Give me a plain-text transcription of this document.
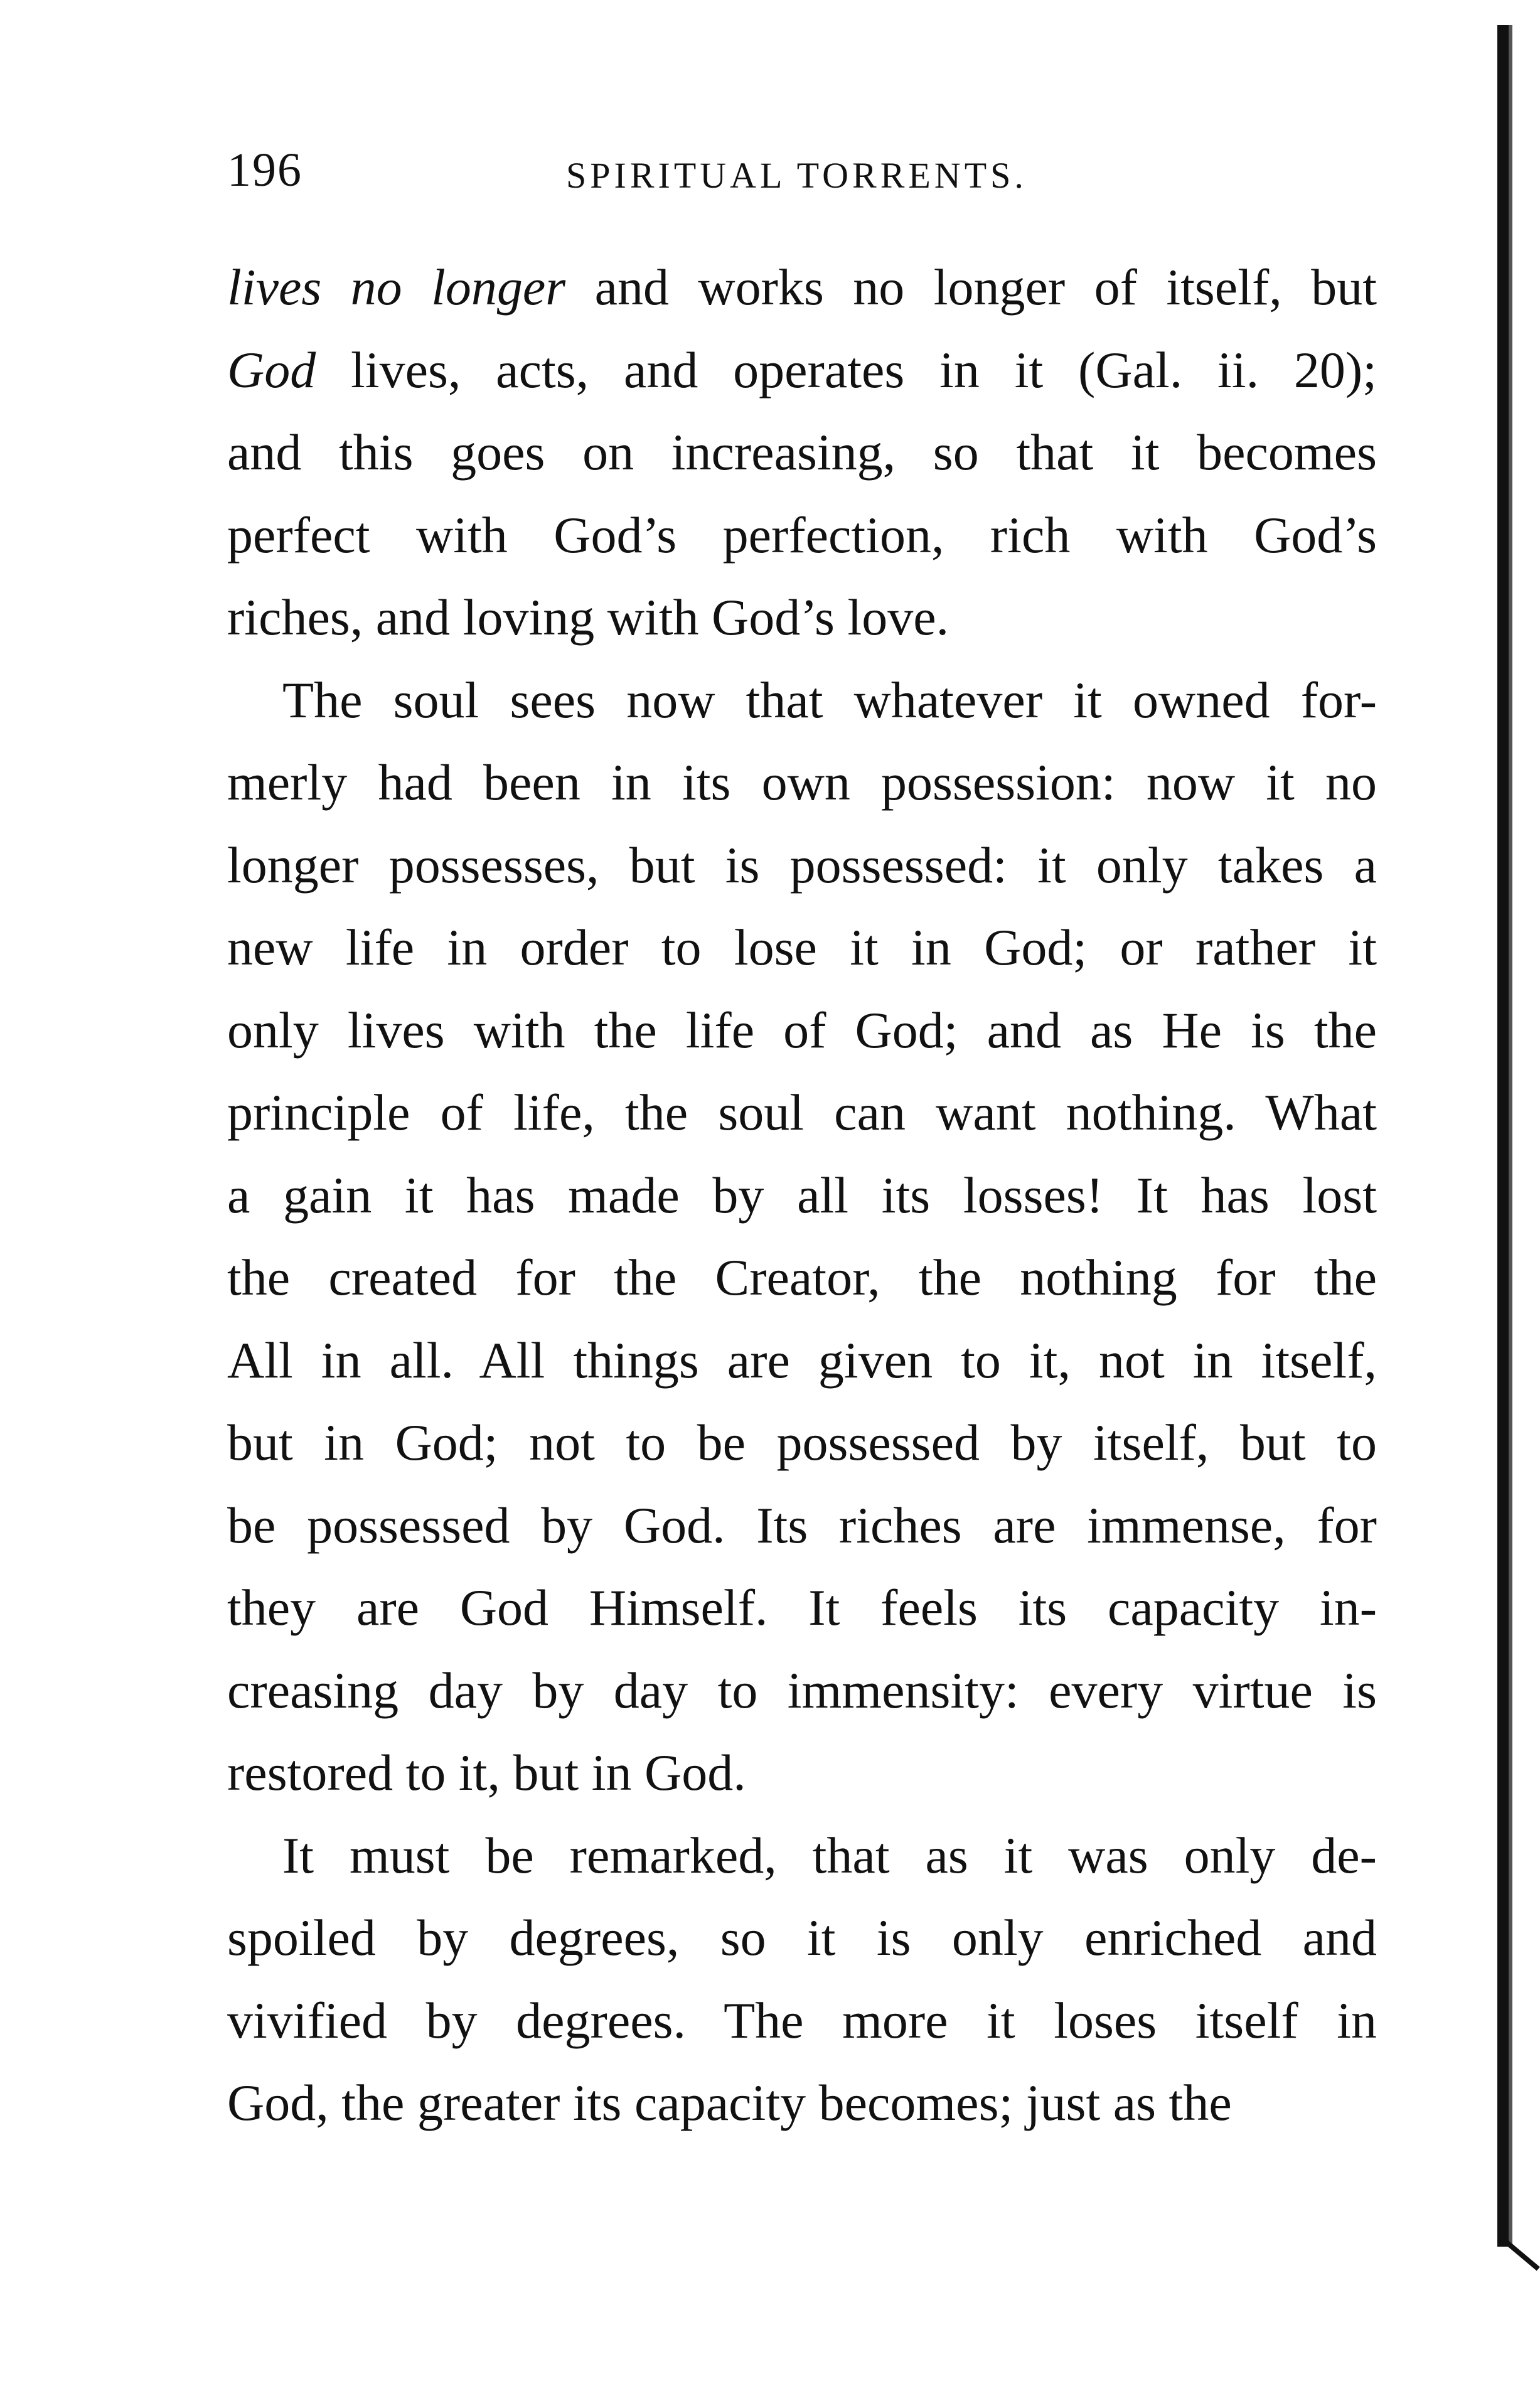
196	SPIRITUAL TORRENTS.
lives no longer and works no longer of itself, but
God lives, acts, and operates in it (Gal. ii. 20);
and this goes on increasing, so that it becomes
perfect with God’s perfection, rich with God’s
riches, and loving with God’s love.
The soul sees now that whatever it owned for-
merly had been in its own possession: now it no
longer possesses, but is possessed: it only takes a
new life in order to lose it in God; or rather it
only lives with the life of God; and as He is the
principle of life, the soul can want nothing. What
a gain it has made by all its losses! It has lost
the created for the Creator, the nothing for the
All in all. All things are given to it, not in itself,
but in God; not to be possessed by itself, but to
be possessed by God. Its riches are immense, for
they are God Himself. It feels its capacity in-
creasing day by day to immensity: every virtue is
restored to it, but in God.
It must be remarked, that as it was only de-
spoiled by degrees, so it is only enriched and
vivified by degrees. The more it loses itself in
God, the greater its capacity becomes; just as the
